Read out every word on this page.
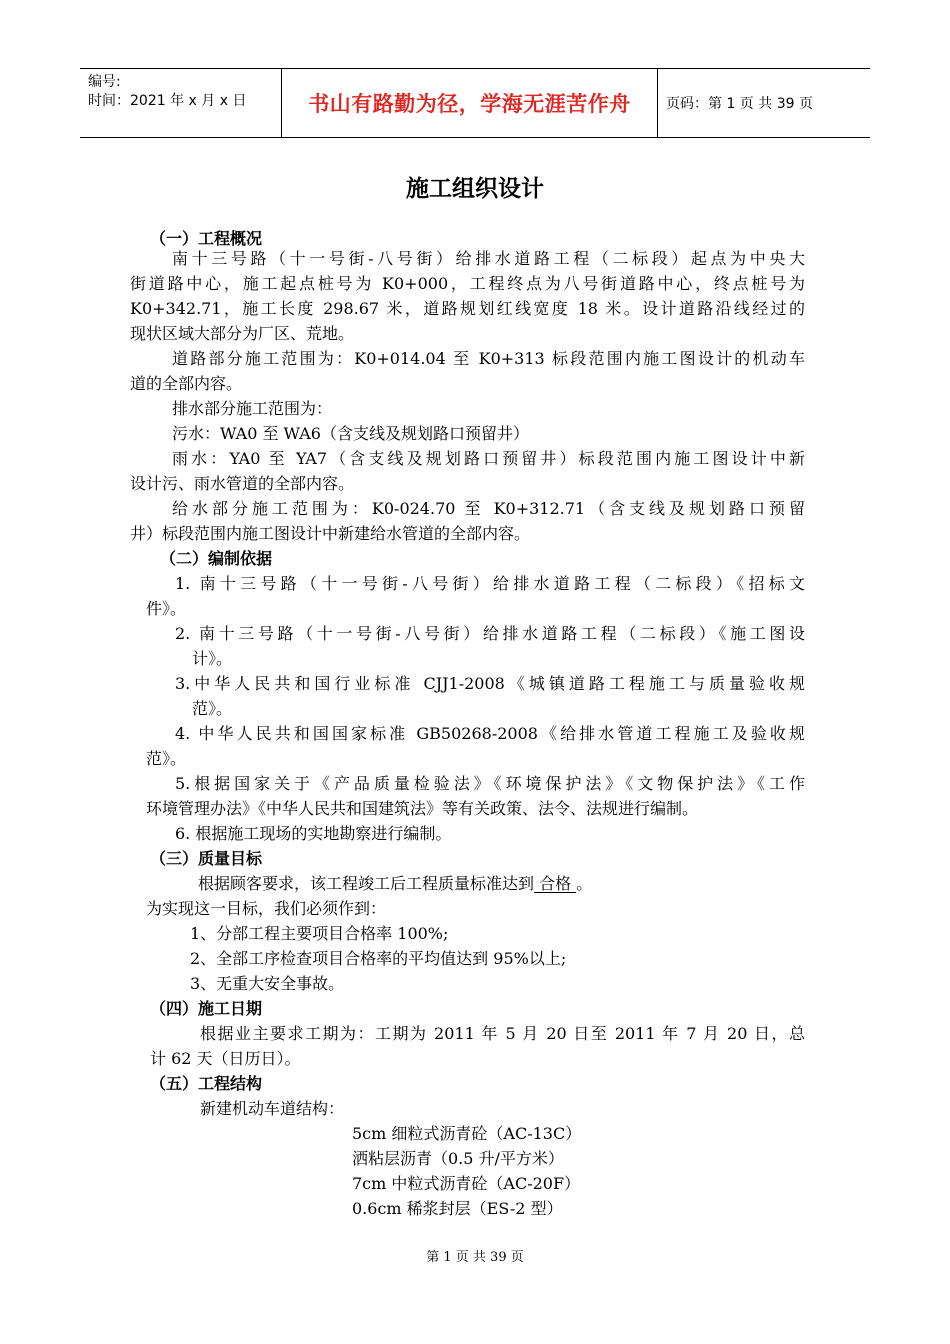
编号:
时间：2021 年 x 月 x 日	书山有路勤为径，学海无涯苦作舟	页码：第 1 页 共 39 页
施工组织设计
（一）工程概况
南十三号路（十一号街-八号街）给排水道路工程（二标段）起点为中央大
街道路中心，施工起点桩号为 K0+000，工程终点为八号街道路中心，终点桩号为
K0+342.71，施工长度 298.67 米，道路规划红线宽度 18 米。设计道路沿线经过的
现状区域大部分为厂区、荒地。
道路部分施工范围为：K0+014.04 至 K0+313 标段范围内施工图设计的机动车
道的全部内容。
排水部分施工范围为：
污水：WA0 至 WA6（含支线及规划路口预留井）
雨水：YA0 至 YA7（含支线及规划路口预留井）标段范围内施工图设计中新
设计污、雨水管道的全部内容。
给水部分施工范围为：K0-024.70 至 K0+312.71（含支线及规划路口预留
井）标段范围内施工图设计中新建给水管道的全部内容。
（二）编制依据
1. 南十三号路（十一号街-八号街）给排水道路工程（二标段）《招标文
件》。
2. 南十三号路（十一号街-八号街）给排水道路工程（二标段）《施工图设
计》。
3.中华人民共和国行业标准 CJJ1-2008《城镇道路工程施工与质量验收规
范》。
4. 中华人民共和国国家标准 GB50268-2008《给排水管道工程施工及验收规
范》。
5.根据国家关于《产品质量检验法》《环境保护法》《文物保护法》《工作
环境管理办法》《中华人民共和国建筑法》等有关政策、法令、法规进行编制。
6. 根据施工现场的实地勘察进行编制。
（三）质量目标
根据顾客要求，该工程竣工后工程质量标准达到 合格 。
为实现这一目标，我们必须作到：
1、分部工程主要项目合格率 100%;
2、全部工序检查项目合格率的平均值达到 95%以上;
3、无重大安全事故。
（四）施工日期
根据业主要求工期为：工期为 2011 年 5 月 20 日至 2011 年 7 月 20 日，总
计 62 天（日历日）。
（五）工程结构
新建机动车道结构：
5cm 细粒式沥青砼（AC-13C）
洒粘层沥青（0.5 升/平方米）
7cm 中粒式沥青砼（AC-20F）
0.6cm 稀浆封层（ES-2 型）
第 1 页 共 39 页
